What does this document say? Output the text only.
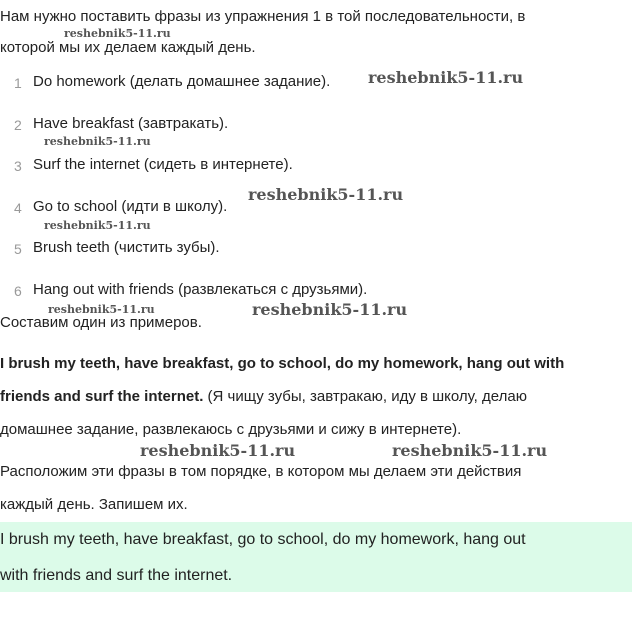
Нам нужно поставить фразы из упражнения 1 в той последовательности, в
которой мы их делаем каждый день.
1 Do homework (делать домашнее задание).
2 Have breakfast (завтракать).
3 Surf the internet (сидеть в интернете).
4 Go to school (идти в школу).
5 Brush teeth (чистить зубы).
6 Hang out with friends (развлекаться с друзьями).
Составим один из примеров.
I brush my teeth, have breakfast, go to school, do my homework, hang out with
friends and surf the internet. (Я чищу зубы, завтракаю, иду в школу, делаю
домашнее задание, развлекаюсь с друзьями и сижу в интернете).
Расположим эти фразы в том порядке, в котором мы делаем эти действия
каждый день. Запишем их.
I brush my teeth, have breakfast, go to school, do my homework, hang out
with friends and surf the internet.
reshebnik5-11.ru
reshebnik5-11.ru
reshebnik5-11.ru
reshebnik5-11.ru
reshebnik5-11.ru
reshebnik5-11.ru	reshebnik5-11.ru
reshebnik5-11.ru	reshebnik5-11.ru
